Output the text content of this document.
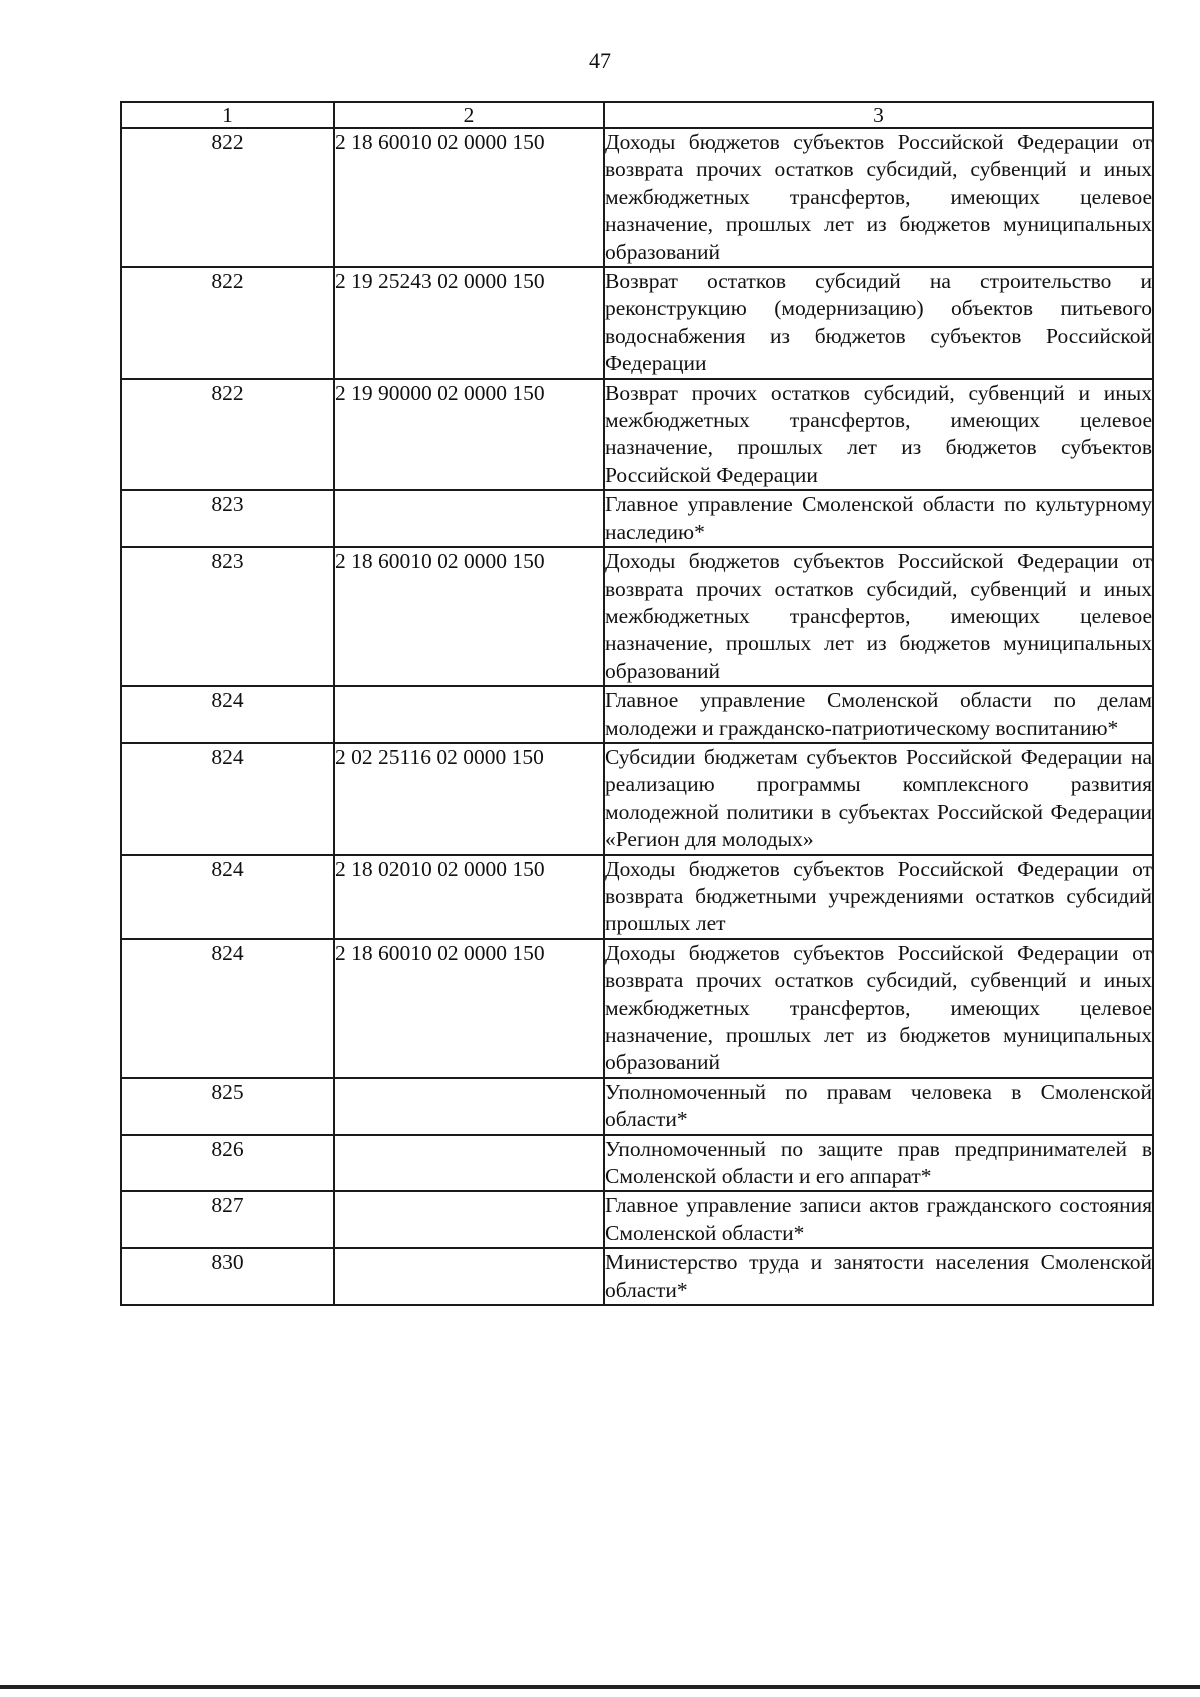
47
1	2	3
822	2 18 60010 02 0000 150	Доходы бюджетов субъектов Российской Федерации от возврата прочих остатков субсидий, субвенций и иных межбюджетных трансфертов, имеющих целевое назначение, прошлых лет из бюджетов муниципальных образований
822	2 19 25243 02 0000 150	Возврат остатков субсидий на строительство и реконструкцию (модернизацию) объектов питьевого водоснабжения из бюджетов субъектов Российской Федерации
822	2 19 90000 02 0000 150	Возврат прочих остатков субсидий, субвенций и иных межбюджетных трансфертов, имеющих целевое назначение, прошлых лет из бюджетов субъектов Российской Федерации
823		Главное управление Смоленской области по культурному наследию*
823	2 18 60010 02 0000 150	Доходы бюджетов субъектов Российской Федерации от возврата прочих остатков субсидий, субвенций и иных межбюджетных трансфертов, имеющих целевое назначение, прошлых лет из бюджетов муниципальных образований
824		Главное управление Смоленской области по делам молодежи и гражданско-патриотическому воспитанию*
824	2 02 25116 02 0000 150	Субсидии бюджетам субъектов Российской Федерации на реализацию программы комплексного развития молодежной политики в субъектах Российской Федерации «Регион для молодых»
824	2 18 02010 02 0000 150	Доходы бюджетов субъектов Российской Федерации от возврата бюджетными учреждениями остатков субсидий прошлых лет
824	2 18 60010 02 0000 150	Доходы бюджетов субъектов Российской Федерации от возврата прочих остатков субсидий, субвенций и иных межбюджетных трансфертов, имеющих целевое назначение, прошлых лет из бюджетов муниципальных образований
825		Уполномоченный по правам человека в Смоленской области*
826		Уполномоченный по защите прав предпринимателей в Смоленской области и его аппарат*
827		Главное управление записи актов гражданского состояния Смоленской области*
830		Министерство труда и занятости населения Смоленской области*
